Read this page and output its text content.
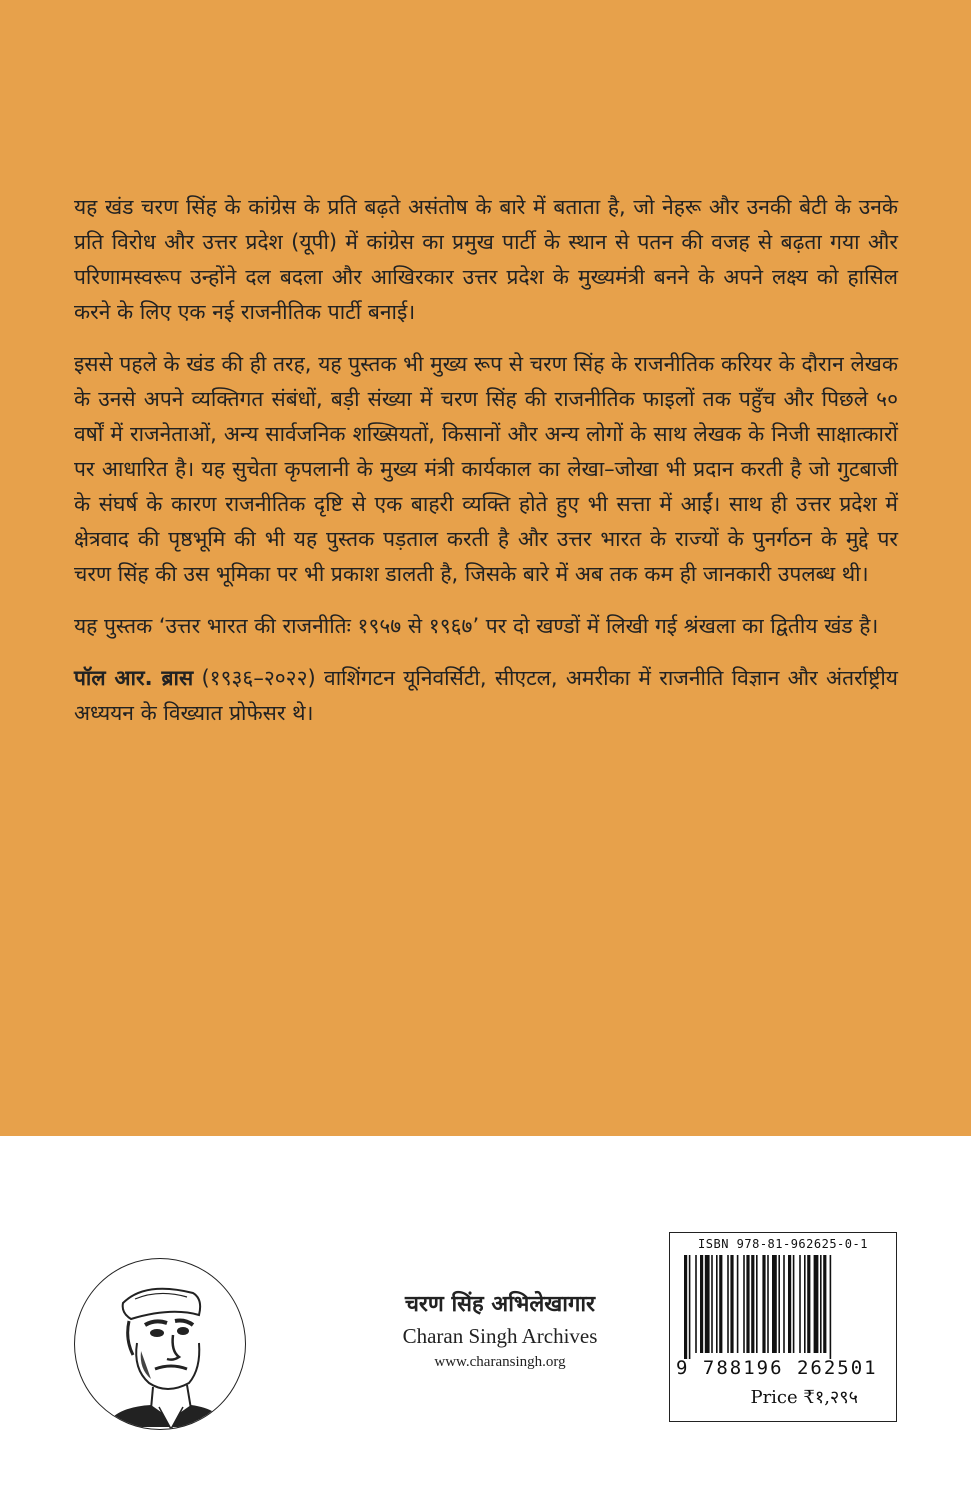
यह खंड चरण सिंह के कांग्रेस के प्रति बढ़ते असंतोष के बारे में बताता है, जो नेहरू और उनकी बेटी के उनके प्रति विरोध और उत्तर प्रदेश (यूपी) में कांग्रेस का प्रमुख पार्टी के स्थान से पतन की वजह से बढ़ता गया और परिणामस्वरूप उन्होंने दल बदला और आखिरकार उत्तर प्रदेश के मुख्यमंत्री बनने के अपने लक्ष्य को हासिल करने के लिए एक नई राजनीतिक पार्टी बनाई।

इससे पहले के खंड की ही तरह, यह पुस्तक भी मुख्य रूप से चरण सिंह के राजनीतिक करियर के दौरान लेखक के उनसे अपने व्यक्तिगत संबंधों, बड़ी संख्या में चरण सिंह की राजनीतिक फाइलों तक पहुँच और पिछले ५० वर्षों में राजनेताओं, अन्य सार्वजनिक शख्सियतों, किसानों और अन्य लोगों के साथ लेखक के निजी साक्षात्कारों पर आधारित है। यह सुचेता कृपलानी के मुख्य मंत्री कार्यकाल का लेखा–जोखा भी प्रदान करती है जो गुटबाजी के संघर्ष के कारण राजनीतिक दृष्टि से एक बाहरी व्यक्ति होते हुए भी सत्ता में आईं। साथ ही उत्तर प्रदेश में क्षेत्रवाद की पृष्ठभूमि की भी यह पुस्तक पड़ताल करती है और उत्तर भारत के राज्यों के पुनर्गठन के मुद्दे पर चरण सिंह की उस भूमिका पर भी प्रकाश डालती है, जिसके बारे में अब तक कम ही जानकारी उपलब्ध थी।

यह पुस्तक ‘उत्तर भारत की राजनीतिः १९५७ से १९६७’ पर दो खण्डों में लिखी गई श्रंखला का द्वितीय खंड है।

पॉल आर. ब्रास (१९३६–२०२२) वाशिंगटन यूनिवर्सिटी, सीएटल, अमरीका में राजनीति विज्ञान और अंतर्राष्ट्रीय अध्ययन के विख्यात प्रोफेसर थे।

चरण सिंह अभिलेखागार
Charan Singh Archives
www.charansingh.org
ISBN 978-81-962625-0-1
9 788196 262501
Price ₹१,२९५
